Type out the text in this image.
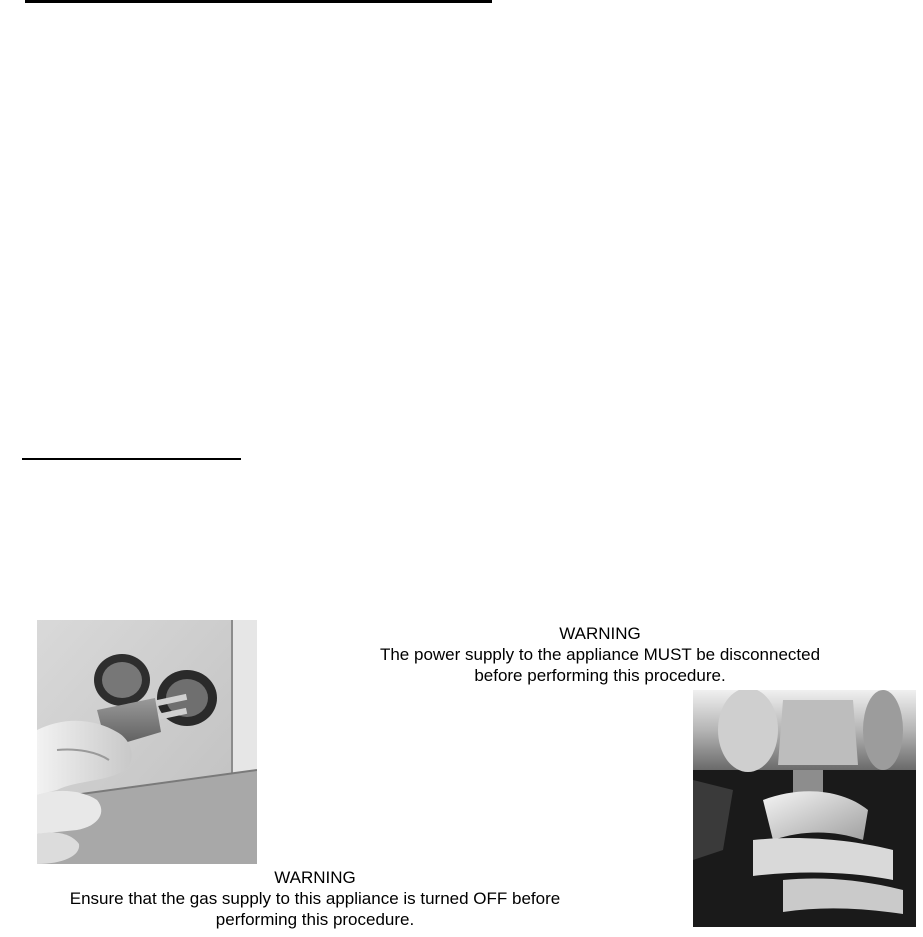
WARNING
The power supply to the appliance MUST be disconnected
before performing this procedure.
WARNING
Ensure that the gas supply to this appliance is turned OFF before
performing this procedure.
